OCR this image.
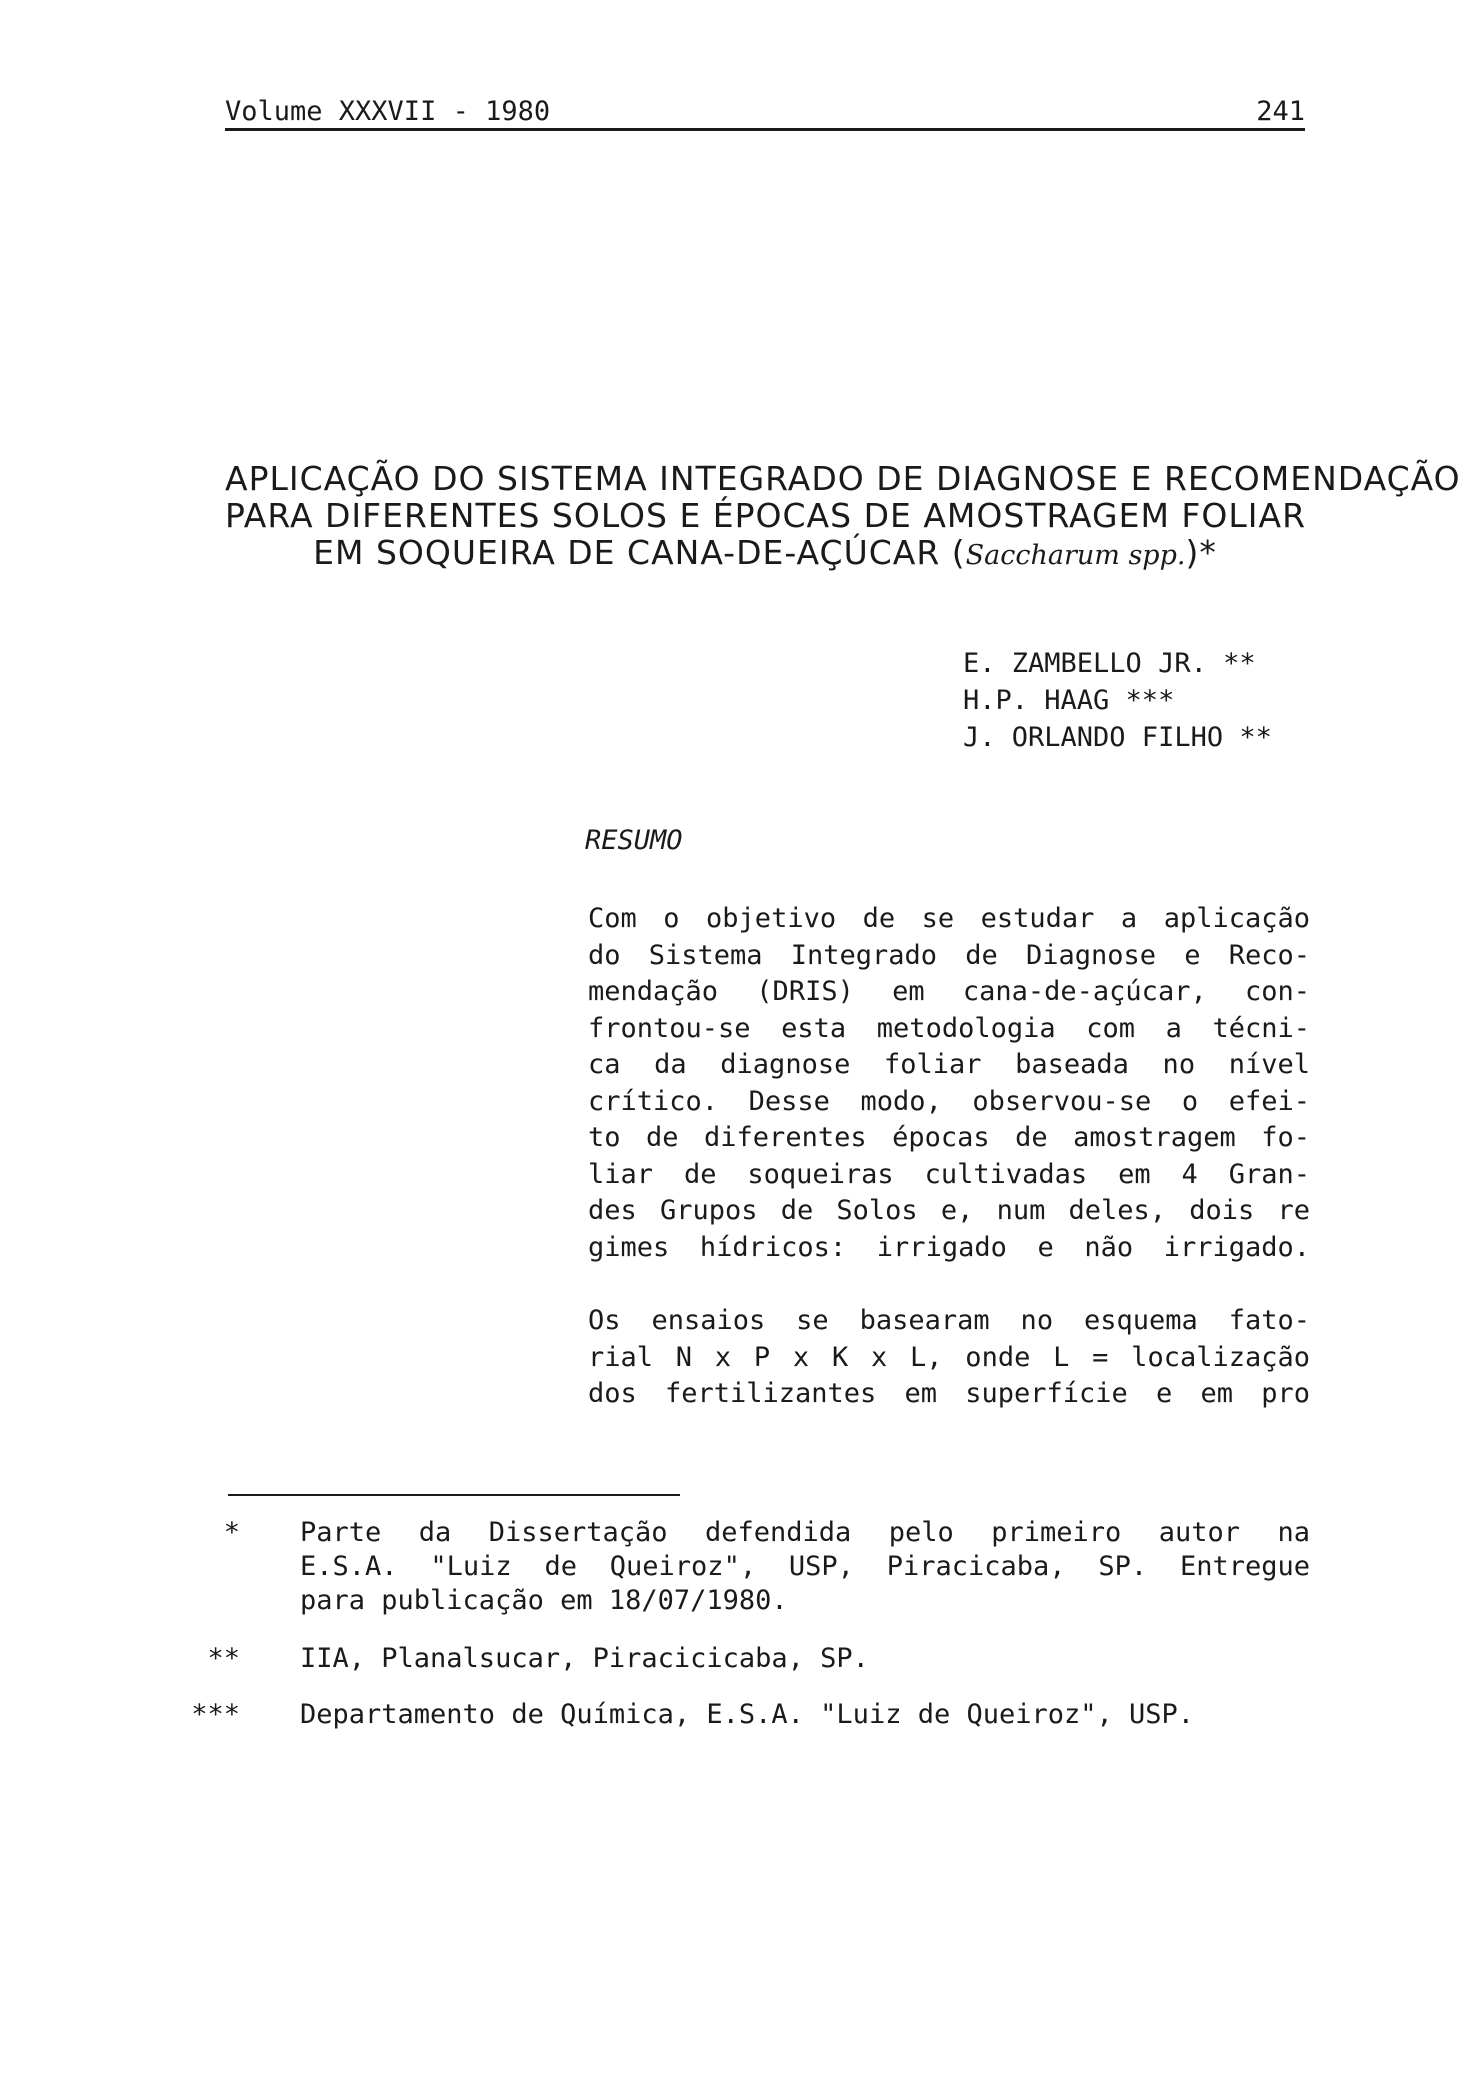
Volume XXXVII - 1980	241
APLICAÇÃO DO SISTEMA INTEGRADO DE DIAGNOSE E RECOMENDAÇÃO
PARA DIFERENTES SOLOS E ÉPOCAS DE AMOSTRAGEM FOLIAR
EM SOQUEIRA DE CANA-DE-AÇÚCAR (Saccharum spp.)*
E. ZAMBELLO JR. **
H.P. HAAG ***
J. ORLANDO FILHO **
RESUMO
Com o objetivo de se estudar a aplicação
do Sistema Integrado de Diagnose e Reco-
mendação (DRIS) em cana-de-açúcar, con-
frontou-se esta metodologia com a técni-
ca da diagnose foliar baseada no nível
crítico. Desse modo, observou-se o efei-
to de diferentes épocas de amostragem fo-
liar de soqueiras cultivadas em 4 Gran-
des Grupos de Solos e, num deles, dois re
gimes hídricos: irrigado e não irrigado.
Os ensaios se basearam no esquema fato-
rial N x P x K x L, onde L = localização
dos fertilizantes em superfície e em pro
* Parte da Dissertação defendida pelo primeiro autor na
E.S.A. "Luiz de Queiroz", USP, Piracicaba, SP. Entregue
para publicação em 18/07/1980.
** IIA, Planalsucar, Piracicicaba, SP.
*** Departamento de Química, E.S.A. "Luiz de Queiroz", USP.
